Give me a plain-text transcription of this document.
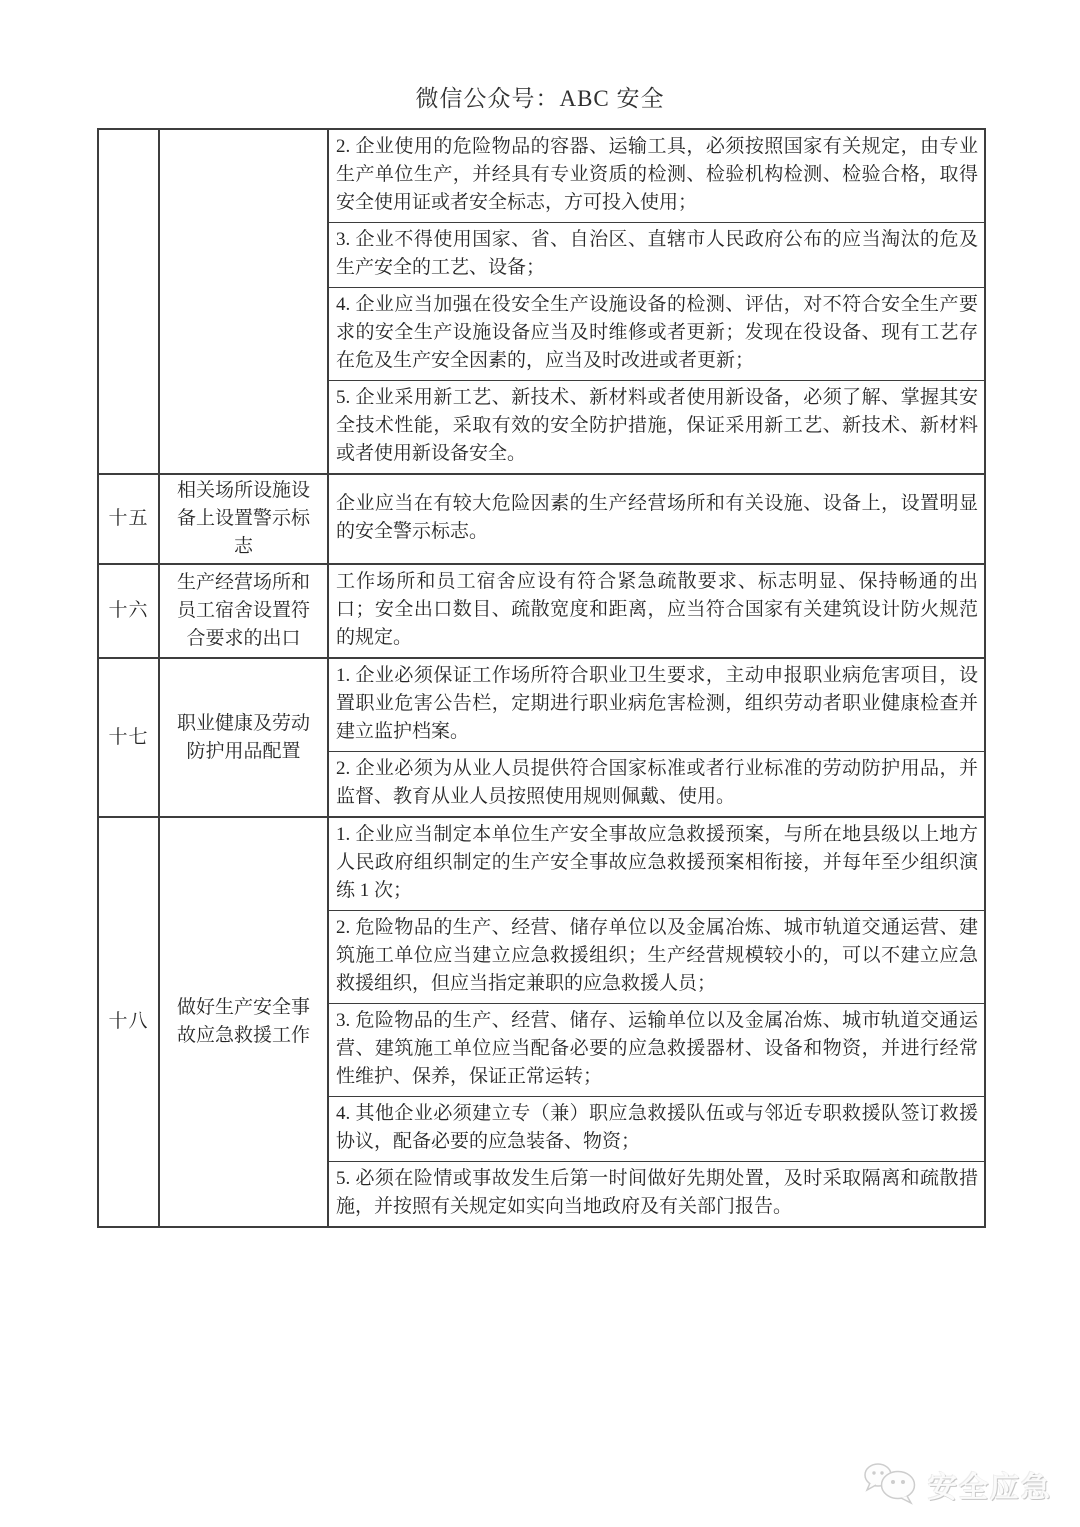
微信公众号：ABC 安全
		2. 企业使用的危险物品的容器、运输工具，必须按照国家有关规定，由专业生产单位生产，并经具有专业资质的检测、检验机构检测、检验合格，取得安全使用证或者安全标志，方可投入使用；
		3. 企业不得使用国家、省、自治区、直辖市人民政府公布的应当淘汰的危及生产安全的工艺、设备；
		4. 企业应当加强在役安全生产设施设备的检测、评估，对不符合安全生产要求的安全生产设施设备应当及时维修或者更新；发现在役设备、现有工艺存在危及生产安全因素的，应当及时改进或者更新；
		5. 企业采用新工艺、新技术、新材料或者使用新设备，必须了解、掌握其安全技术性能，采取有效的安全防护措施，保证采用新工艺、新技术、新材料或者使用新设备安全。
十五	相关场所设施设备上设置警示标志	企业应当在有较大危险因素的生产经营场所和有关设施、设备上，设置明显的安全警示标志。
十六	生产经营场所和员工宿舍设置符合要求的出口	工作场所和员工宿舍应设有符合紧急疏散要求、标志明显、保持畅通的出口；安全出口数目、疏散宽度和距离，应当符合国家有关建筑设计防火规范的规定。
十七	职业健康及劳动防护用品配置	1. 企业必须保证工作场所符合职业卫生要求，主动申报职业病危害项目，设置职业危害公告栏，定期进行职业病危害检测，组织劳动者职业健康检查并建立监护档案。
		2. 企业必须为从业人员提供符合国家标准或者行业标准的劳动防护用品，并监督、教育从业人员按照使用规则佩戴、使用。
十八	做好生产安全事故应急救援工作	1. 企业应当制定本单位生产安全事故应急救援预案，与所在地县级以上地方人民政府组织制定的生产安全事故应急救援预案相衔接，并每年至少组织演练 1 次；
		2. 危险物品的生产、经营、储存单位以及金属冶炼、城市轨道交通运营、建筑施工单位应当建立应急救援组织；生产经营规模较小的，可以不建立应急救援组织，但应当指定兼职的应急救援人员；
		3. 危险物品的生产、经营、储存、运输单位以及金属冶炼、城市轨道交通运营、建筑施工单位应当配备必要的应急救援器材、设备和物资，并进行经常性维护、保养，保证正常运转；
		4. 其他企业必须建立专（兼）职应急救援队伍或与邻近专职救援队签订救援协议，配备必要的应急装备、物资；
		5. 必须在险情或事故发生后第一时间做好先期处置，及时采取隔离和疏散措施，并按照有关规定如实向当地政府及有关部门报告。
安全应急
